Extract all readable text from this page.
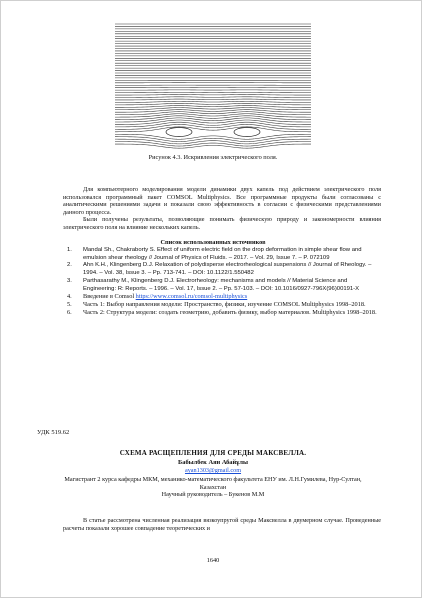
Рисунок 4.3. Искривления электрического поля.

Для компьютерного моделирования модели динамики двух капель под действием электрического поля использовался программный пакет COMSOL Multiphysics. Все программные продукты были согласованы с аналитическими решениями задачи и показали свою эффективность в согласии с физическими представлениями данного процесса.

Были получены результаты, позволяющие понимать физическую природу и закономерности влияния электрического поля на влияние нескольких капель.

Список использованных источников
1. Mandal Sh., Chakraborty S. Effect of uniform electric field on the drop deformation in simple shear flow and emulsion shear rheology // Journal of Physics of Fluids. – 2017. – Vol. 29, Issue 7. – P. 072109
2. Ahn K.H., Klingenberg D.J. Relaxation of polydisperse electrorheological suspensions // Journal of Rheology. – 1994. – Vol. 38, Issue 3. – Pp. 713-741. – DOI: 10.1122/1.550482
3. Parthasarathy M., Klingenberg D.J. Electrorheology: mechanisms and models // Material Science and Engineering: R: Reports. – 1996. – Vol. 17, Issue 2. – Pp. 57-103. – DOI: 10.1016/0927-796X(96)00191-X
4. Введение в Comsol https://www.comsol.ru/comsol-multiphysics
5. Часть 1: Выбор направления модели: Пространство, физики, изучение COMSOL Multiphysics 1998–2018.
6. Часть 2: Структура модели: создать геометрию, добавить физику, выбор материалов. Multiphysics 1998–2018.
УДК 519.62
СХЕМА РАСЩЕПЛЕНИЯ ДЛЯ СРЕДЫ МАКСВЕЛЛА.
Бабылбек Аян Абайұлы
ayan1303@gmail.com
Магистрант 2 курса кафедры МКМ, механико-математического факультета ЕНУ им. Л.Н.Гумилева, Нур-Султан, Казахстан
Научный руководитель – Букенов М.М

В статье рассмотрена численная реализация вязкоупругой среды Максвелла в двумерном случае. Проведенные расчеты показали хорошее совпадение теоретических и

1640
